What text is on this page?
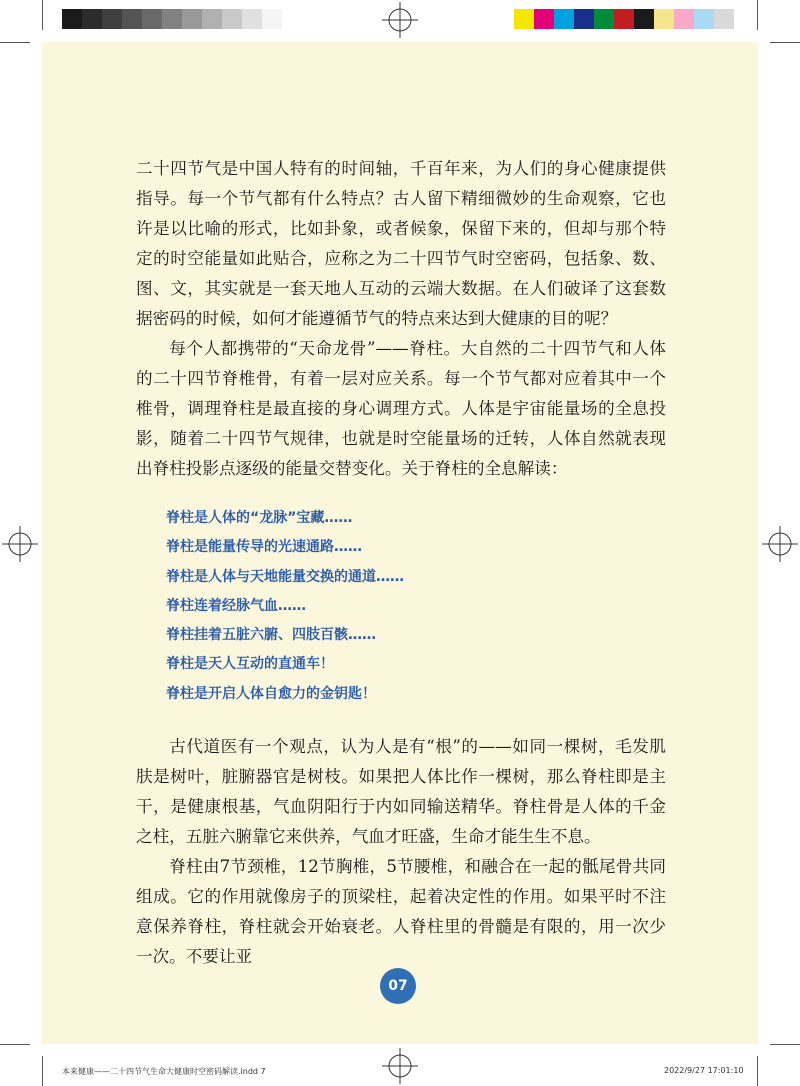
二十四节气是中国人特有的时间轴，千百年来，为人们的身心健康提供指导。每一个节气都有什么特点？古人留下精细微妙的生命观察，它也许是以比喻的形式，比如卦象，或者候象，保留下来的，但却与那个特定的时空能量如此贴合，应称之为二十四节气时空密码，包括象、数、图、文，其实就是一套天地人互动的云端大数据。在人们破译了这套数据密码的时候，如何才能遵循节气的特点来达到大健康的目的呢？

每个人都携带的“天命龙骨”——脊柱。大自然的二十四节气和人体的二十四节脊椎骨，有着一层对应关系。每一个节气都对应着其中一个椎骨，调理脊柱是最直接的身心调理方式。人体是宇宙能量场的全息投影，随着二十四节气规律，也就是时空能量场的迁转，人体自然就表现出脊柱投影点逐级的能量交替变化。关于脊柱的全息解读：

脊柱是人体的“龙脉”宝藏……
脊柱是能量传导的光速通路……
脊柱是人体与天地能量交换的通道……
脊柱连着经脉气血……
脊柱挂着五脏六腑、四肢百骸……
脊柱是天人互动的直通车！
脊柱是开启人体自愈力的金钥匙！

古代道医有一个观点，认为人是有“根”的——如同一棵树，毛发肌肤是树叶，脏腑器官是树枝。如果把人体比作一棵树，那么脊柱即是主干，是健康根基，气血阴阳行于内如同输送精华。脊柱骨是人体的千金之柱，五脏六腑靠它来供养，气血才旺盛，生命才能生生不息。

脊柱由7节颈椎，12节胸椎，5节腰椎，和融合在一起的骶尾骨共同组成。它的作用就像房子的顶梁柱，起着决定性的作用。如果平时不注意保养脊柱，脊柱就会开始衰老。人脊柱里的骨髓是有限的，用一次少一次。不要让亚

07
本来健康——二十四节气生命大健康时空密码解读.indd 7	2022/9/27 17:01:10
